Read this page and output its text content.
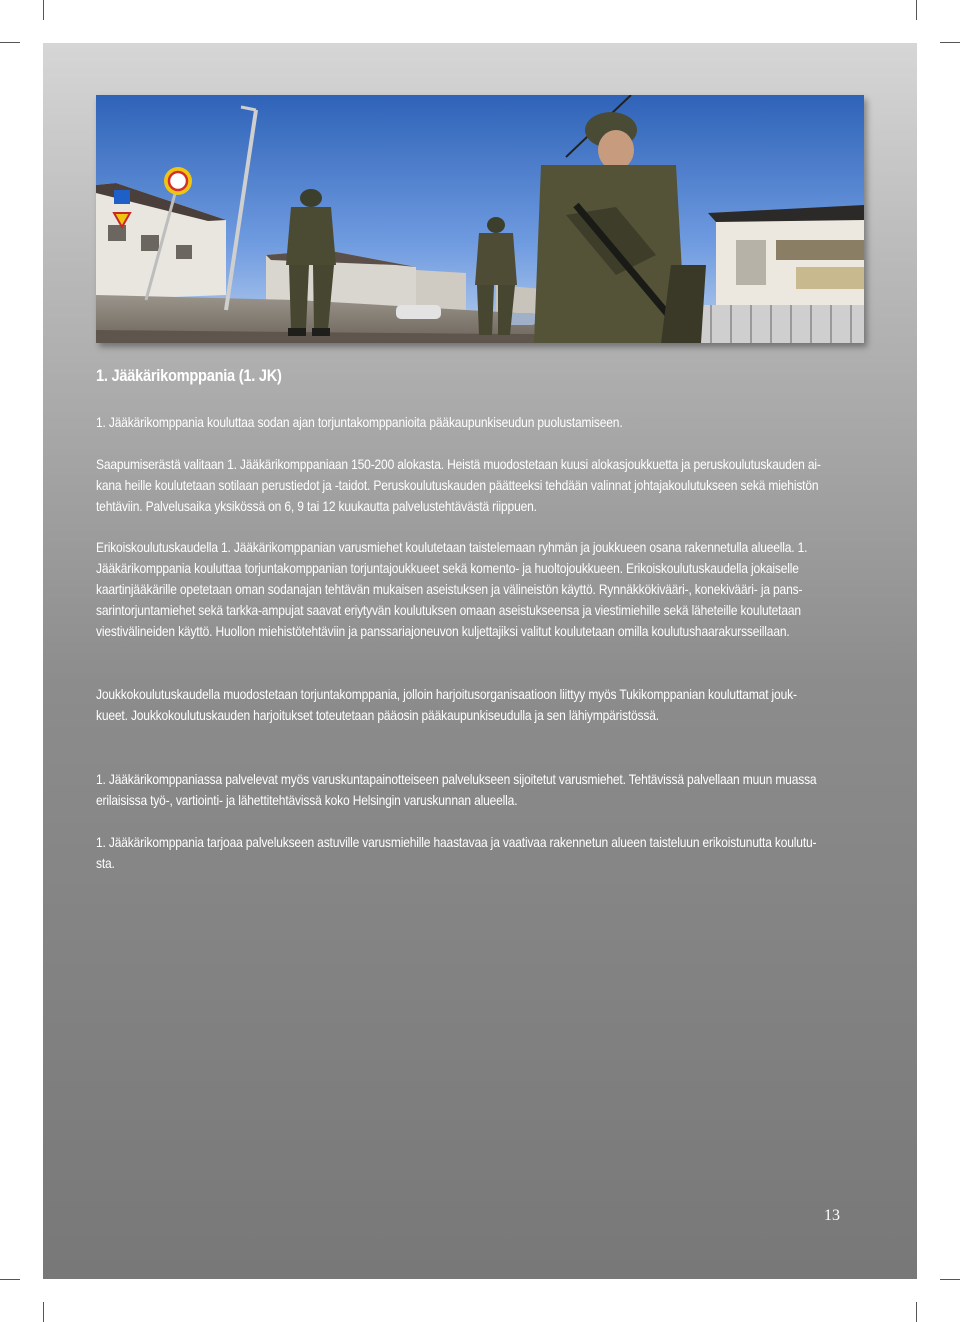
1. Jääkärikomppania (1. JK)

1. Jääkärikomppania kouluttaa sodan ajan torjuntakomppanioita pääkaupunkiseudun puolustamiseen.

Saapumiserästä valitaan 1. Jääkärikomppaniaan 150-200 alokasta. Heistä muodostetaan kuusi alokasjoukkuetta ja peruskoulutuskauden ai-
kana heille koulutetaan sotilaan perustiedot ja -taidot. Peruskoulutuskauden päätteeksi tehdään valinnat johtajakoulutukseen sekä miehistön
tehtäviin. Palvelusaika yksikössä on 6, 9 tai 12 kuukautta palvelustehtävästä riippuen.

Erikoiskoulutuskaudella 1. Jääkärikomppanian varusmiehet koulutetaan taistelemaan ryhmän ja joukkueen osana rakennetulla alueella. 1.
Jääkärikomppania kouluttaa torjuntakomppanian torjuntajoukkueet sekä komento- ja huoltojoukkueen. Erikoiskoulutuskaudella jokaiselle
kaartinjääkärille opetetaan oman sodanajan tehtävän mukaisen aseistuksen ja välineistön käyttö. Rynnäkkökivääri-, konekivääri- ja pans-
sarintorjuntamiehet sekä tarkka-ampujat saavat eriytyvän koulutuksen omaan aseistukseensa ja viestimiehille sekä läheteille koulutetaan
viestivälineiden käyttö. Huollon miehistötehtäviin ja panssariajoneuvon kuljettajiksi valitut koulutetaan omilla koulutushaarakursseillaan.

Joukkokoulutuskaudella muodostetaan torjuntakomppania, jolloin harjoitusorganisaatioon liittyy myös Tukikomppanian kouluttamat jouk-
kueet. Joukkokoulutuskauden harjoitukset toteutetaan pääosin pääkaupunkiseudulla ja sen lähiympäristössä.

1. Jääkärikomppaniassa palvelevat myös varuskuntapainotteiseen palvelukseen sijoitetut varusmiehet. Tehtävissä palvellaan muun muassa
erilaisissa työ-, vartiointi- ja lähettitehtävissä koko Helsingin varuskunnan alueella.

1. Jääkärikomppania tarjoaa palvelukseen astuville varusmiehille haastavaa ja vaativaa rakennetun alueen taisteluun erikoistunutta koulutu-
sta.

13
